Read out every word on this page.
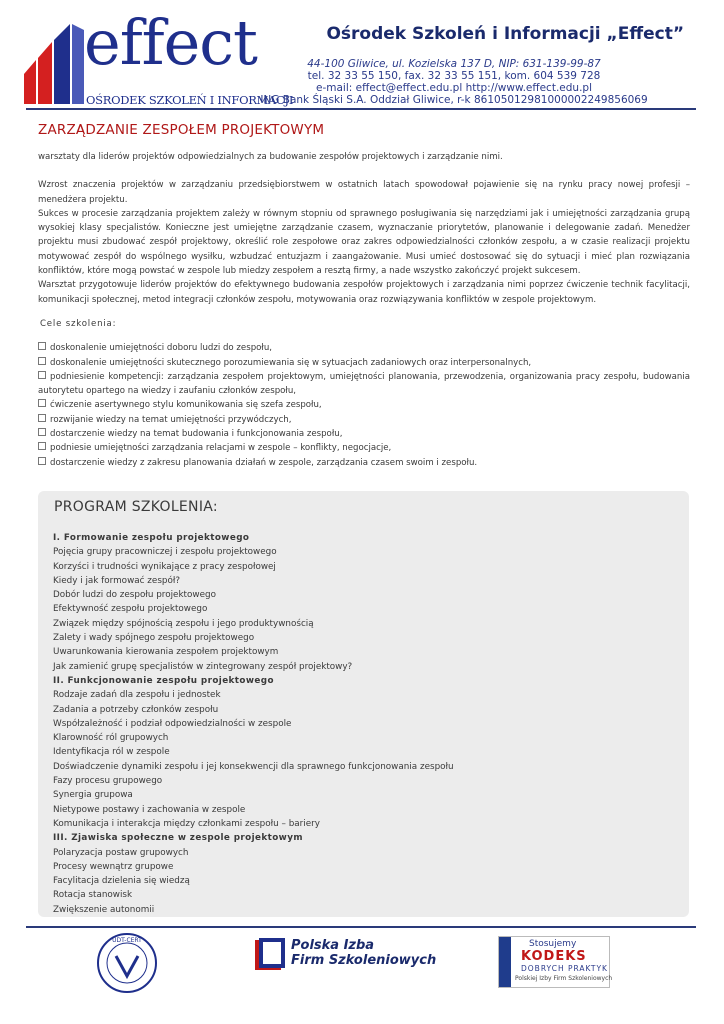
effect
OŚRODEK SZKOLEŃ I INFORMACJI
Ośrodek Szkoleń i Informacji „Effect”
44-100 Gliwice, ul. Kozielska 137 D, NIP: 631-139-99-87
tel. 32 33 55 150, fax. 32 33 55 151, kom. 604 539 728
e-mail: effect@effect.edu.pl http://www.effect.edu.pl
ING Bank Śląski S.A. Oddział Gliwice, r-k 86105012981000002249856069
ZARZĄDZANIE ZESPOŁEM PROJEKTOWYM

warsztaty dla liderów projektów odpowiedzialnych za budowanie zespołów projektowych i zarządzanie nimi.

Wzrost znaczenia projektów w zarządzaniu przedsiębiorstwem w ostatnich latach spowodował pojawienie się na rynku pracy nowej profesji – menedżera projektu.

Sukces w procesie zarządzania projektem zależy w równym stopniu od sprawnego posługiwania się narzędziami jak i umiejętności zarządzania grupą wysokiej klasy specjalistów. Konieczne jest umiejętne zarządzanie czasem, wyznaczanie priorytetów, planowanie i delegowanie zadań. Menedżer projektu musi zbudować zespół projektowy, określić role zespołowe oraz zakres odpowiedzialności członków zespołu, a w czasie realizacji projektu motywować zespół do wspólnego wysiłku, wzbudzać entuzjazm i zaangażowanie. Musi umieć dostosować się do sytuacji i mieć plan rozwiązania konfliktów, które mogą powstać w zespole lub miedzy zespołem a resztą firmy, a nade wszystko zakończyć projekt sukcesem.

Warsztat przygotowuje liderów projektów do efektywnego budowania zespołów projektowych i zarządzania nimi poprzez ćwiczenie technik facylitacji, komunikacji społecznej, metod integracji członków zespołu, motywowania oraz rozwiązywania konfliktów w zespole projektowym.

Cele szkolenia:

doskonalenie umiejętności doboru ludzi do zespołu,

doskonalenie umiejętności skutecznego porozumiewania się w sytuacjach zadaniowych oraz interpersonalnych,

podniesienie kompetencji: zarządzania zespołem projektowym, umiejętności planowania, przewodzenia, organizowania pracy zespołu, budowania autorytetu opartego na wiedzy i zaufaniu członków zespołu,

ćwiczenie asertywnego stylu komunikowania się szefa zespołu,

rozwijanie wiedzy na temat umiejętności przywódczych,

dostarczenie wiedzy na temat budowania i funkcjonowania zespołu,

podniesie umiejętności zarządzania relacjami w zespole – konflikty, negocjacje,

dostarczenie wiedzy z zakresu planowania działań w zespole, zarządzania czasem swoim i zespołu.

PROGRAM SZKOLENIA:
I. Formowanie zespołu projektowego
Pojęcia grupy pracowniczej i zespołu projektowego
Korzyści i trudności wynikające z pracy zespołowej
Kiedy i jak formować zespół?
Dobór ludzi do zespołu projektowego
Efektywność zespołu projektowego
Związek między spójnością zespołu i jego produktywnością
Zalety i wady spójnego zespołu projektowego
Uwarunkowania kierowania zespołem projektowym
Jak zamienić grupę specjalistów w zintegrowany zespół projektowy?
II. Funkcjonowanie zespołu projektowego
Rodzaje zadań dla zespołu i jednostek
Zadania a potrzeby członków zespołu
Współzależność i podział odpowiedzialności w zespole
Klarowność ról grupowych
Identyfikacja ról w zespole
Doświadczenie dynamiki zespołu i jej konsekwencji dla sprawnego funkcjonowania zespołu
Fazy procesu grupowego
Synergia grupowa
Nietypowe postawy i zachowania w zespole
Komunikacja i interakcja między członkami zespołu – bariery
III. Zjawiska społeczne w zespole projektowym
Polaryzacja postaw grupowych
Procesy wewnątrz grupowe
Facylitacja dzielenia się wiedzą
Rotacja stanowisk
Zwiększenie autonomii
UDT-CERT	Polska Izba
Firm Szkoleniowych
Stosujemy
KODEKS
DOBRYCH PRAKTYK
Polskiej Izby Firm Szkoleniowych
